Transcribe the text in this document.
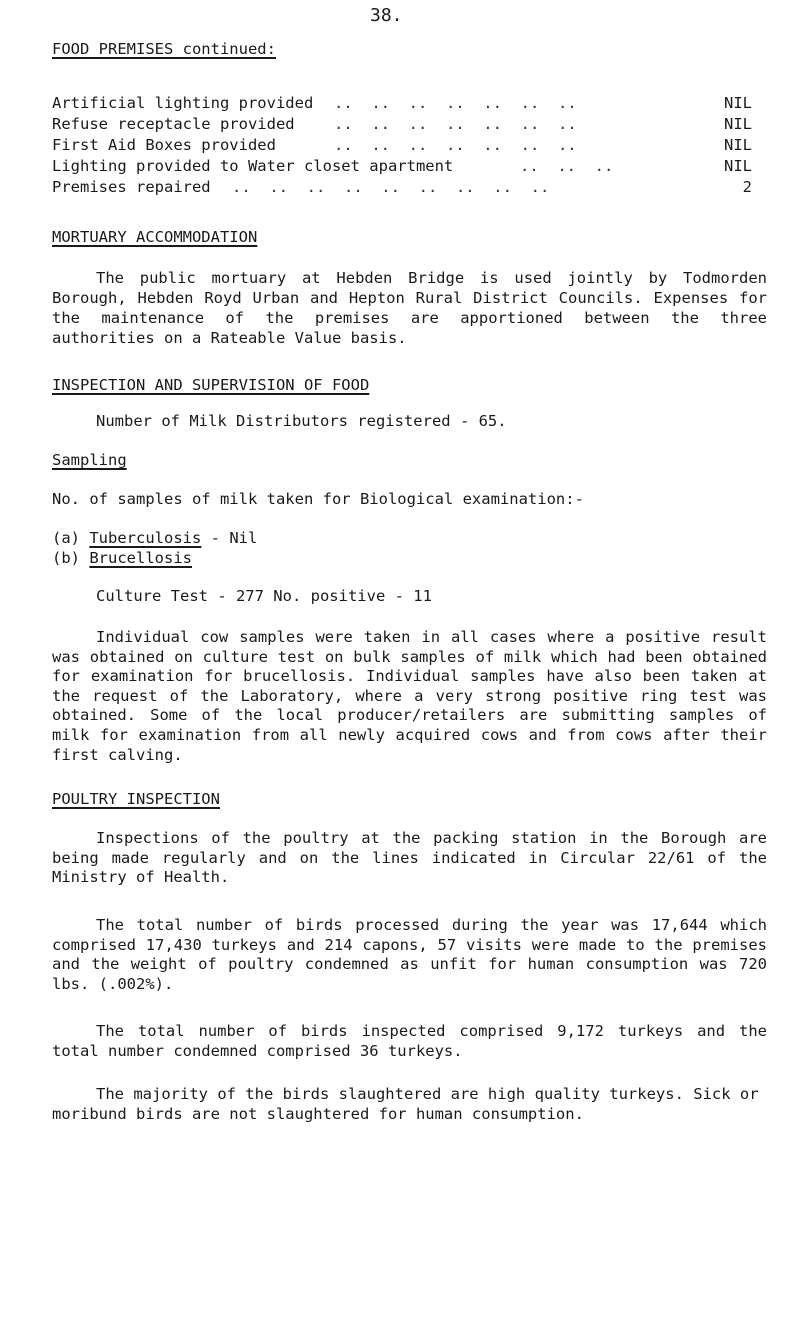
38.
FOOD PREMISES continued:
Artificial lighting provided ..  ..  ..  ..  ..  ..  ..	NIL
Refuse receptacle provided	..  ..  ..  ..  ..  ..  ..	NIL
First Aid Boxes provided	..  ..  ..  ..  ..  ..  ..	NIL
Lighting provided to Water closet apartment	..  ..  ..	NIL
Premises repaired ..  ..  ..  ..  ..  ..  ..  ..  ..	2
MORTUARY ACCOMMODATION
The public mortuary at Hebden Bridge is used jointly by Todmorden Borough, Hebden Royd Urban and Hepton Rural District Councils. Expenses for the maintenance of the premises are apportioned between the three authorities on a Rateable Value basis.
INSPECTION AND SUPERVISION OF FOOD
Number of Milk Distributors registered - 65.
Sampling
No. of samples of milk taken for Biological examination:-
(a) Tuberculosis - Nil
(b) Brucellosis
Culture Test - 277 No. positive - 11
Individual cow samples were taken in all cases where a positive result was obtained on culture test on bulk samples of milk which had been obtained for examination for brucellosis. Individual samples have also been taken at the request of the Laboratory, where a very strong positive ring test was obtained. Some of the local producer/retailers are submitting samples of milk for examination from all newly acquired cows and from cows after their first calving.
POULTRY INSPECTION
Inspections of the poultry at the packing station in the Borough are being made regularly and on the lines indicated in Circular 22/61 of the Ministry of Health.
The total number of birds processed during the year was 17,644 which comprised 17,430 turkeys and 214 capons, 57 visits were made to the premises and the weight of poultry condemned as unfit for human consumption was 720 lbs. (.002%).
The total number of birds inspected comprised 9,172 turkeys and the total number condemned comprised 36 turkeys.
The majority of the birds slaughtered are high quality turkeys. Sick or moribund birds are not slaughtered for human consumption.
